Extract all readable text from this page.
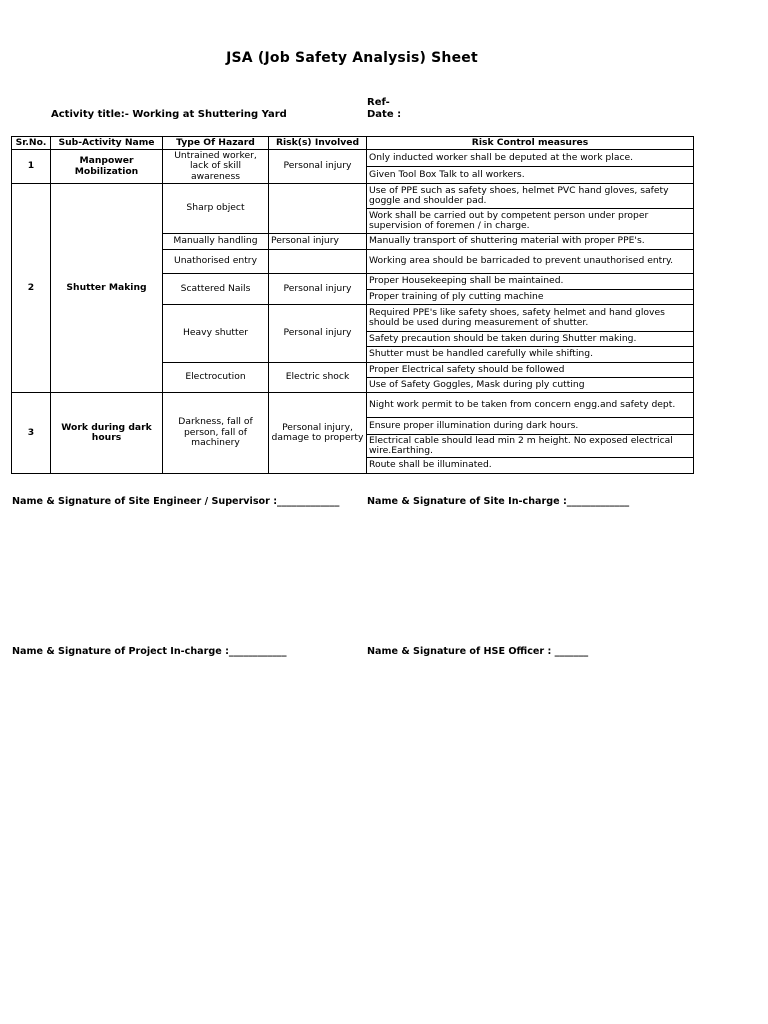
JSA (Job Safety Analysis) Sheet
Activity title:- Working at Shuttering Yard
Ref-
Date :
Sr.No.	Sub-Activity Name	Type Of Hazard	Risk(s) Involved	Risk Control measures
1	Manpower Mobilization	Untrained worker, lack of skill awareness	Personal injury	Only inducted worker shall be deputed at the work place.
				Given Tool Box Talk to all workers.
2	Shutter Making	Sharp object		Use of PPE such as safety shoes, helmet PVC hand gloves, safety goggle and shoulder pad.
				Work shall be carried out by competent person under proper supervision of foremen / in charge.
		Manually handling	Personal injury	Manually transport of shuttering material with proper PPE's.
		Unathorised entry		Working area should be barricaded to prevent unauthorised entry.
		Scattered Nails	Personal injury	Proper Housekeeping shall be maintained.
				Proper training of ply cutting machine
		Heavy shutter	Personal injury	Required PPE's like safety shoes, safety helmet and hand gloves should be used during measurement of shutter.
				Safety precaution should be taken during Shutter making.
				Shutter must be handled carefully while shifting.
		Electrocution	Electric shock	Proper Electrical safety should be followed
				Use of Safety Goggles, Mask during ply cutting
3	Work during dark hours	Darkness, fall of person, fall of machinery	Personal injury, damage to property	Night work permit to be taken from concern engg.and safety dept.
				Ensure proper illumination during dark hours.
				Electrical cable should lead min 2 m height. No exposed electrical wire.Earthing.
				Route shall be illuminated.
Name & Signature of Site Engineer / Supervisor :_____________	Name & Signature of Site In-charge :_____________
Name & Signature of Project In-charge :____________	Name & Signature of HSE Officer : _______
